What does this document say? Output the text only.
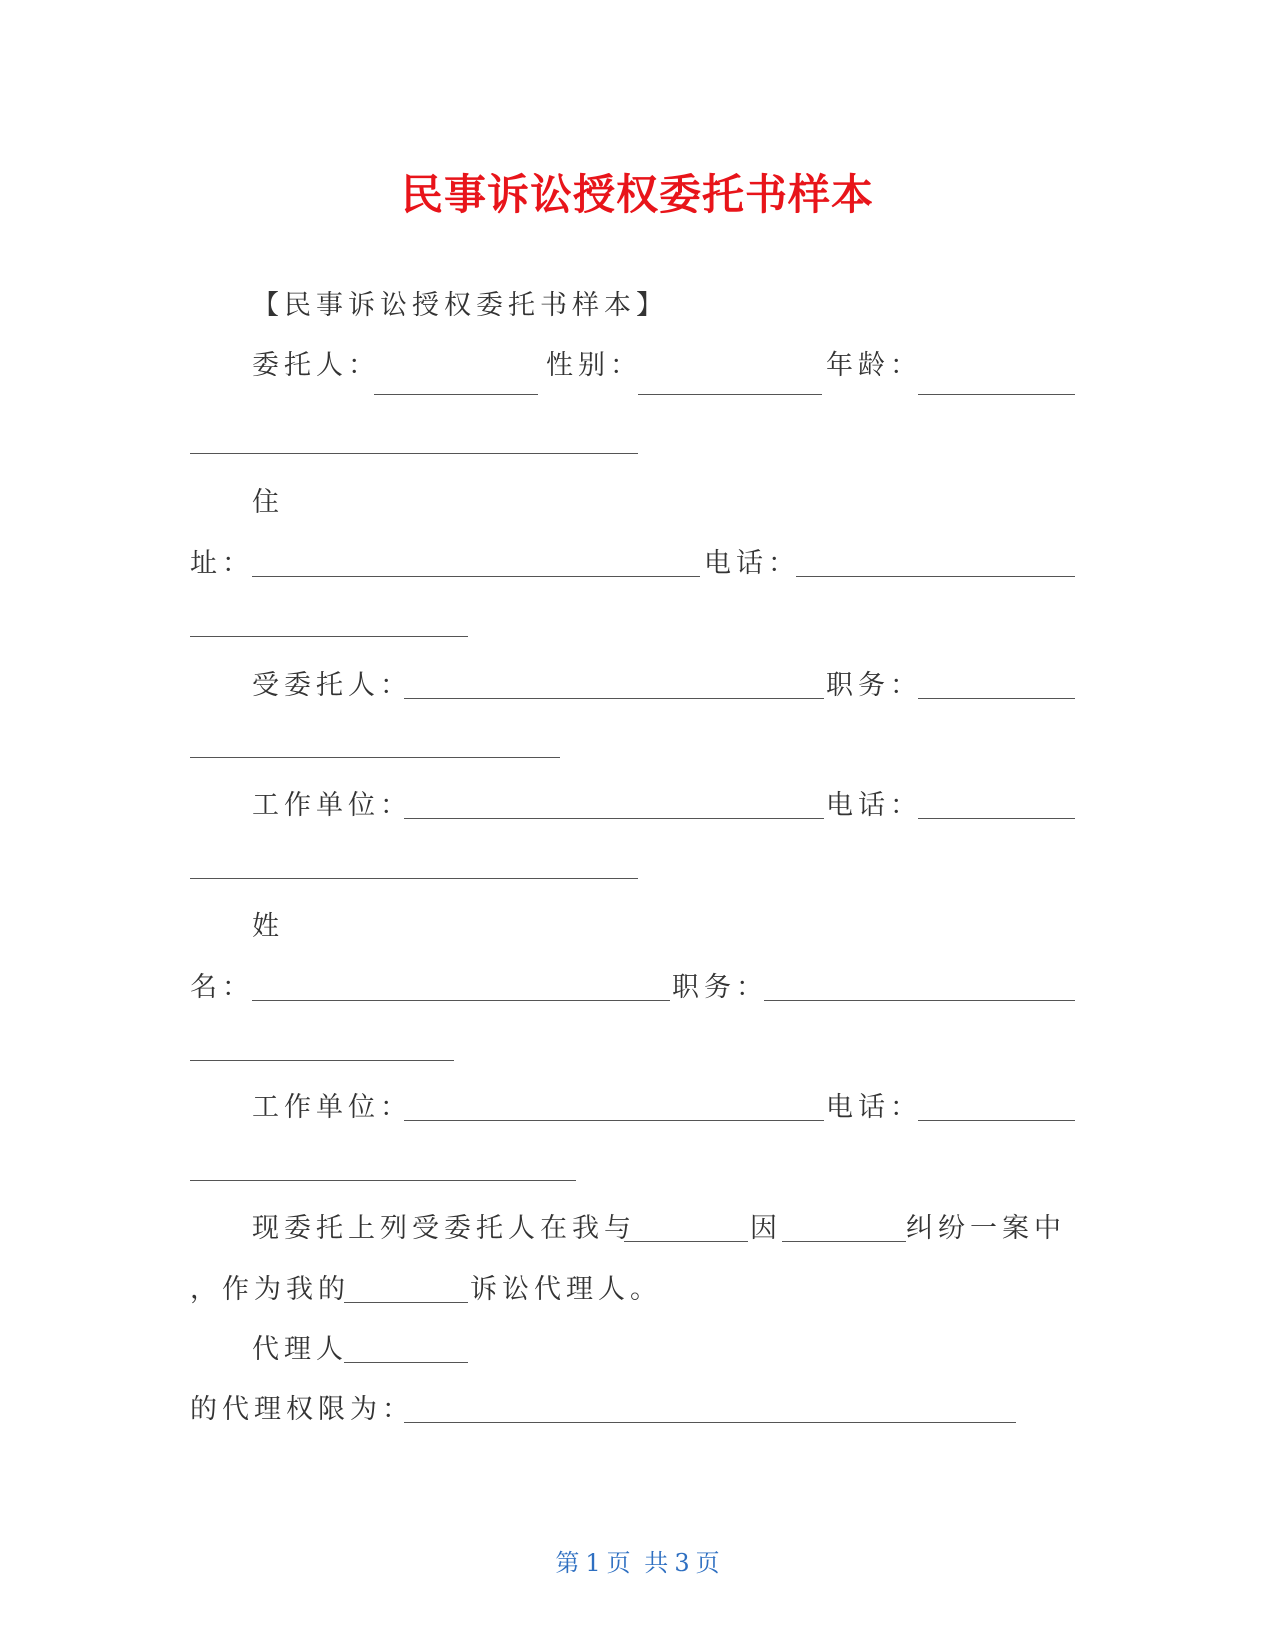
民事诉讼授权委托书样本
【民事诉讼授权委托书样本】
委托人：	性别：	年龄：
住
址：	电话：
受委托人：	职务：
工作单位：	电话：
姓
名：	职务：
工作单位：	电话：
现委托上列受委托人在我与	因	纠纷一案中
，作为我的	诉讼代理人。
代理人
的代理权限为：
第 1 页 共 3 页
